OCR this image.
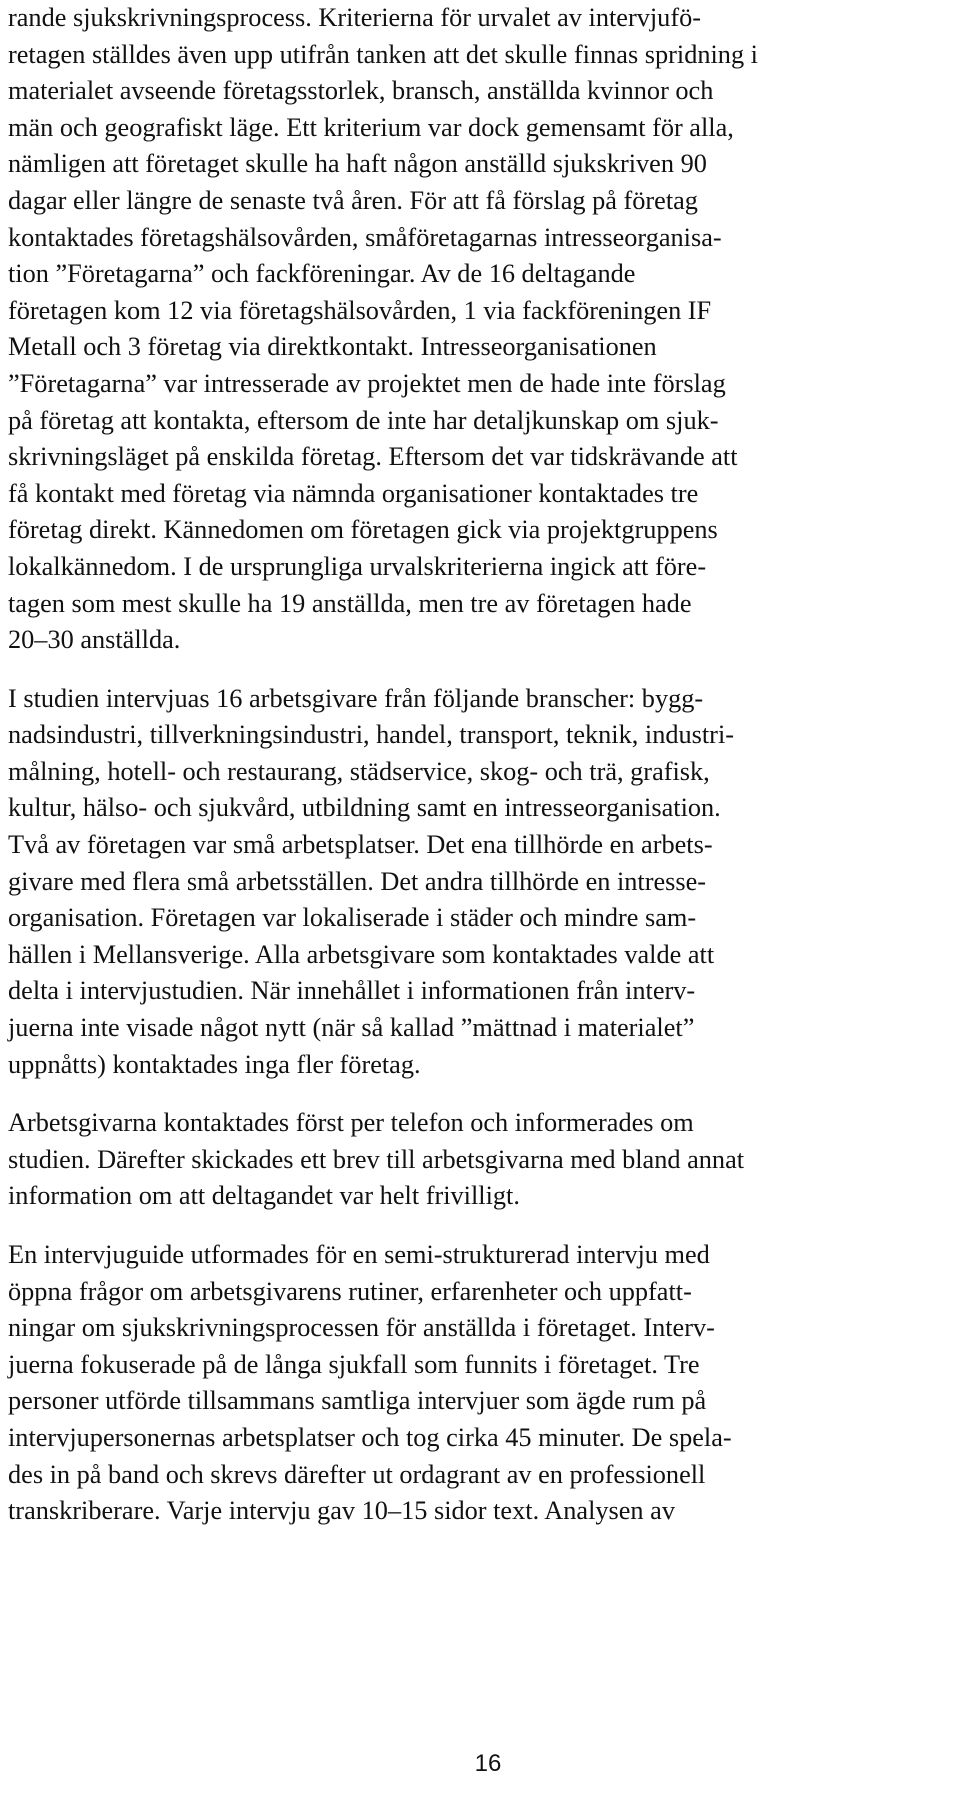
rande sjukskrivningsprocess. Kriterierna för urvalet av intervjufö-
retagen ställdes även upp utifrån tanken att det skulle finnas spridning i
materialet avseende företagsstorlek, bransch, anställda kvinnor och
män och geografiskt läge. Ett kriterium var dock gemensamt för alla,
nämligen att företaget skulle ha haft någon anställd sjukskriven 90
dagar eller längre de senaste två åren. För att få förslag på företag
kontaktades företagshälsovården, småföretagarnas intresseorganisa-
tion ”Företagarna” och fackföreningar. Av de 16 deltagande
företagen kom 12 via företagshälsovården, 1 via fackföreningen IF
Metall och 3 företag via direktkontakt. Intresseorganisationen
”Företagarna” var intresserade av projektet men de hade inte förslag
på företag att kontakta, eftersom de inte har detaljkunskap om sjuk-
skrivningsläget på enskilda företag. Eftersom det var tidskrävande att
få kontakt med företag via nämnda organisationer kontaktades tre
företag direkt. Kännedomen om företagen gick via projektgruppens
lokalkännedom. I de ursprungliga urvalskriterierna ingick att före-
tagen som mest skulle ha 19 anställda, men tre av företagen hade
20–30 anställda.

I studien intervjuas 16 arbetsgivare från följande branscher: bygg-
nadsindustri, tillverkningsindustri, handel, transport, teknik, industri-
målning, hotell- och restaurang, städservice, skog- och trä, grafisk,
kultur, hälso- och sjukvård, utbildning samt en intresseorganisation.
Två av företagen var små arbetsplatser. Det ena tillhörde en arbets-
givare med flera små arbetsställen. Det andra tillhörde en intresse-
organisation. Företagen var lokaliserade i städer och mindre sam-
hällen i Mellansverige. Alla arbetsgivare som kontaktades valde att
delta i intervjustudien. När innehållet i informationen från interv-
juerna inte visade något nytt (när så kallad ”mättnad i materialet”
uppnåtts) kontaktades inga fler företag.

Arbetsgivarna kontaktades först per telefon och informerades om
studien. Därefter skickades ett brev till arbetsgivarna med bland annat
information om att deltagandet var helt frivilligt.

En intervjuguide utformades för en semi-strukturerad intervju med
öppna frågor om arbetsgivarens rutiner, erfarenheter och uppfatt-
ningar om sjukskrivningsprocessen för anställda i företaget. Interv-
juerna fokuserade på de långa sjukfall som funnits i företaget. Tre
personer utförde tillsammans samtliga intervjuer som ägde rum på
intervjupersonernas arbetsplatser och tog cirka 45 minuter. De spela-
des in på band och skrevs därefter ut ordagrant av en professionell
transkriberare. Varje intervju gav 10–15 sidor text. Analysen av

16
